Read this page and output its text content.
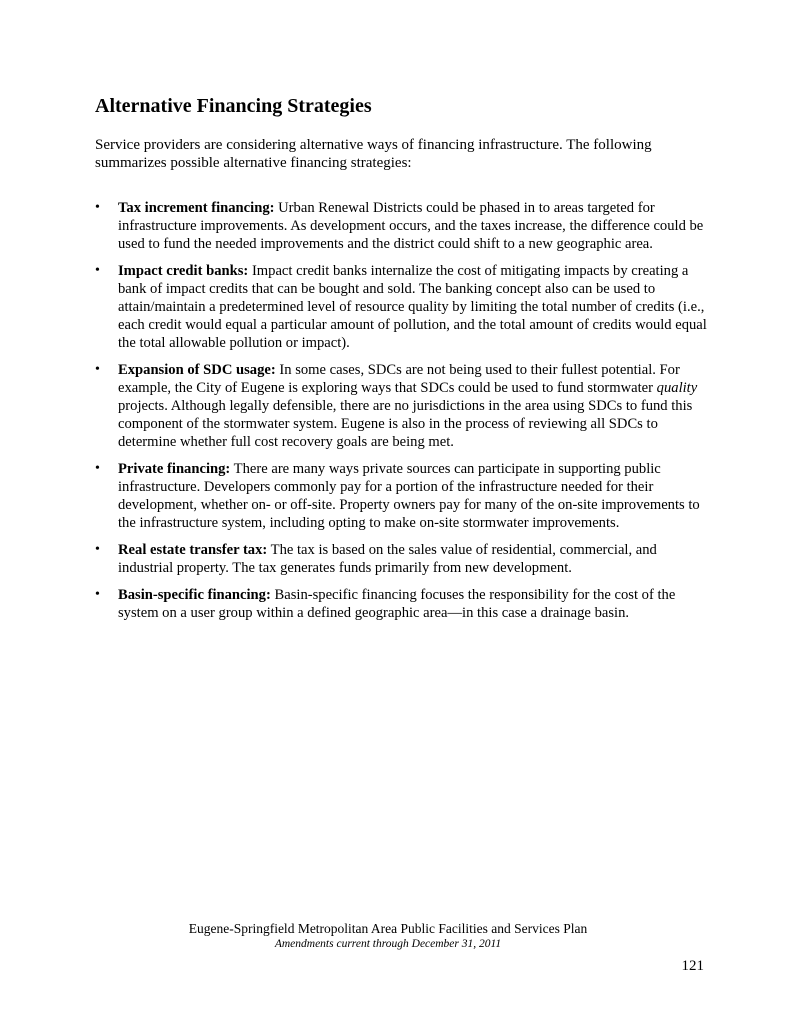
Alternative Financing Strategies

Service providers are considering alternative ways of financing infrastructure. The following summarizes possible alternative financing strategies:

• Tax increment financing: Urban Renewal Districts could be phased in to areas targeted for infrastructure improvements. As development occurs, and the taxes increase, the difference could be used to fund the needed improvements and the district could shift to a new geographic area.
• Impact credit banks: Impact credit banks internalize the cost of mitigating impacts by creating a bank of impact credits that can be bought and sold. The banking concept also can be used to attain/maintain a predetermined level of resource quality by limiting the total number of credits (i.e., each credit would equal a particular amount of pollution, and the total amount of credits would equal the total allowable pollution or impact).
• Expansion of SDC usage: In some cases, SDCs are not being used to their fullest potential. For example, the City of Eugene is exploring ways that SDCs could be used to fund stormwater quality projects. Although legally defensible, there are no jurisdictions in the area using SDCs to fund this component of the stormwater system. Eugene is also in the process of reviewing all SDCs to determine whether full cost recovery goals are being met.
• Private financing: There are many ways private sources can participate in supporting public infrastructure. Developers commonly pay for a portion of the infrastructure needed for their development, whether on- or off-site. Property owners pay for many of the on-site improvements to the infrastructure system, including opting to make on-site stormwater improvements.
• Real estate transfer tax: The tax is based on the sales value of residential, commercial, and industrial property. The tax generates funds primarily from new development.
• Basin-specific financing: Basin-specific financing focuses the responsibility for the cost of the system on a user group within a defined geographic area—in this case a drainage basin.
Eugene-Springfield Metropolitan Area Public Facilities and Services Plan
Amendments current through December 31, 2011
121
